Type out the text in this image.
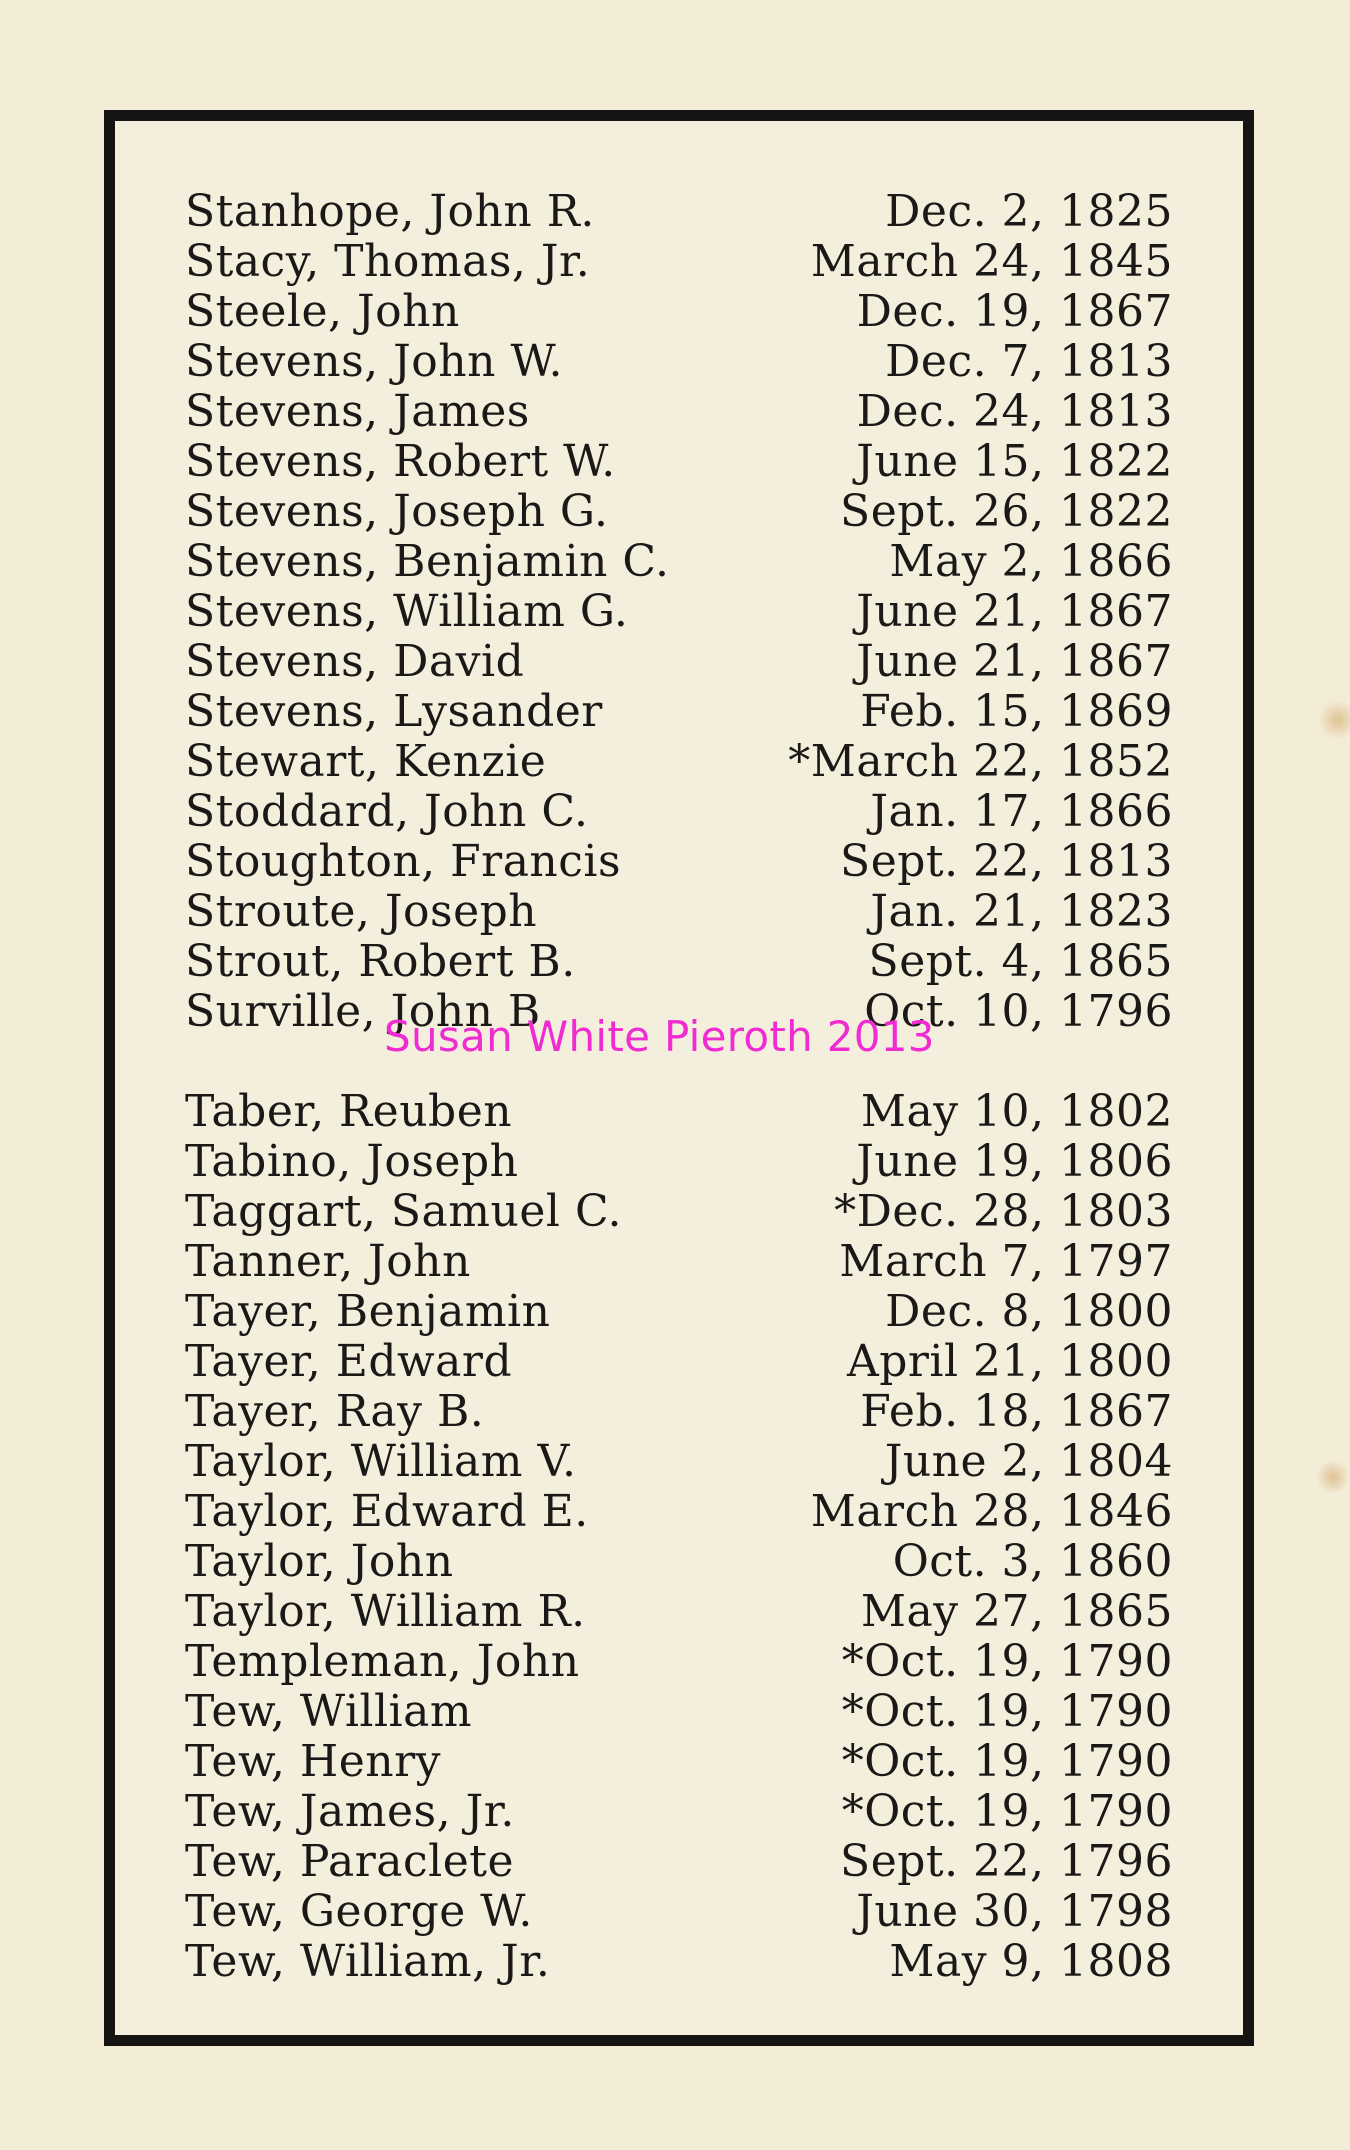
Stanhope, John R.	Dec. 2, 1825
Stacy, Thomas, Jr.	March 24, 1845
Steele, John	Dec. 19, 1867
Stevens, John W.	Dec. 7, 1813
Stevens, James	Dec. 24, 1813
Stevens, Robert W.	June 15, 1822
Stevens, Joseph G.	Sept. 26, 1822
Stevens, Benjamin C.	May 2, 1866
Stevens, William G.	June 21, 1867
Stevens, David	June 21, 1867
Stevens, Lysander	Feb. 15, 1869
Stewart, Kenzie	*March 22, 1852
Stoddard, John C.	Jan. 17, 1866
Stoughton, Francis	Sept. 22, 1813
Stroute, Joseph	Jan. 21, 1823
Strout, Robert B.	Sept. 4, 1865
Surville, John B.	Oct. 10, 1796
Taber, Reuben	May 10, 1802
Tabino, Joseph	June 19, 1806
Taggart, Samuel C.	*Dec. 28, 1803
Tanner, John	March 7, 1797
Tayer, Benjamin	Dec. 8, 1800
Tayer, Edward	April 21, 1800
Tayer, Ray B.	Feb. 18, 1867
Taylor, William V.	June 2, 1804
Taylor, Edward E.	March 28, 1846
Taylor, John	Oct. 3, 1860
Taylor, William R.	May 27, 1865
Templeman, John	*Oct. 19, 1790
Tew, William	*Oct. 19, 1790
Tew, Henry	*Oct. 19, 1790
Tew, James, Jr.	*Oct. 19, 1790
Tew, Paraclete	Sept. 22, 1796
Tew, George W.	June 30, 1798
Tew, William, Jr.	May 9, 1808
Susan White Pieroth 2013
